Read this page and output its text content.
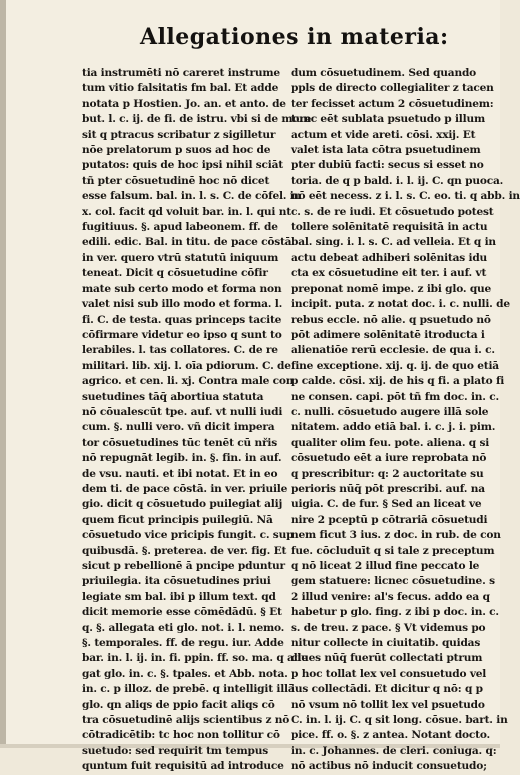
Allegationes in materia:
tia instrumēti nō careret instrume
tum vitio falsitatis fm bal. Et adde
notata p Hostien. Jo. an. et anto. de
but. l. c. ij. de fi. de istru. vbi si de more
sit q ptracus scribatur z sigilletur
nōe prelatorum p suos ad hoc de
putatos: quis de hoc ipsi nihil sciāt
tñ pter cōsuetudinē hoc nō dicet
esse falsum. bal. in. l. s. C. de cōfel. in
x. col. facit qd voluit bar. in. l. qui nt
fugitiuus. §. apud labeonem. ff. de
edili. edic. Bal. in titu. de pace cōstā.
in ver. quero vtrū statutū iniquum
teneat. Dicit q cōsuetudine cōfir
mate sub certo modo et forma non
valet nisi sub illo modo et forma. l.
fi. C. de testa. quas princeps tacite
cōfirmare videtur eo ipso q sunt to
lerabiles. l. tas collatores. C. de re
militari. lib. xij. l. oīa pdiorum. C. de
agrico. et cen. li. xj. Contra male con
suetudines tāq̄ abortiua statuta
nō cōualescūt tpe. auf. vt nulli iudi
cum. §. nulli vero. vñ dicit impera
tor cōsuetudines tūc tenēt cū nřis
nō repugnāt legib. in. §. fin. in auf.
de vsu. nauti. et ibi notat. Et in eo
dem ti. de pace cōstā. in ver. priuile
gio. dicit q cōsuetudo puilegiat alij
quem ficut principis puilegiū. Nā
cōsuetudo vice pricipis fungit. c. sup
quibusdā. §. preterea. de ver. fig. Et
sicut p rebellionē ā pncipe pduntur
priuilegia. ita cōsuetudines priui
legiate sm bal. ibi p illum text. qd
dicit memorie esse cōmēdādū. § Et
q. §. allegata eti glo. not. i. l. nemo.
§. temporales. ff. de regu. iur. Adde
bar. in. l. ij. in. fi. ppin. ff. so. ma. q alle
gat glo. in. c. §. tpales. et Abb. nota.
in. c. p illoz. de prebē. q intelligit illā
glo. qn aliqs de ppio facit aliqs cō
tra cōsuetudinē alijs scientibus z nō
cōtradicētib: tc hoc non tollitur cō
suetudo: sed requirit tm tempus
quntum fuit requisitū ad introduce
dum cōsuetudinem. Sed quando
ppls de directo collegialiter z tacen
ter fecisset actum 2 cōsuetudinem:
tunc eēt sublata psuetudo p illum
actum et vide areti. cōsi. xxij. Et
valet ista lata cōtra psuetudinem
pter dubiū facti: secus si esset no
toria. de q p bald. i. l. ij. C. qn puoca.
nō eēt necess. z i. l. s. C. eo. ti. q abb. in
c. s. de re iudi. Et cōsuetudo potest
tollere solēnitatē requisitā in actu
bal. sing. i. l. s. C. ad velleia. Et q in
actu debeat adhiberi solēnitas idu
cta ex cōsuetudine eit ter. i auf. vt
preponat nomē impe. z ibi glo. que
incipit. puta. z notat doc. i. c. nulli. de
rebus eccle. nō alie. q psuetudo nō
pōt adimere solēnitatē itroducta i
alienatiōe rerū ecclesie. de qua i. c.
fine exceptione. xij. q. ij. de quo etiā
p calde. cōsi. xij. de his q fi. a plato fi
ne consen. capi. pōt tñ fm doc. in. c.
c. nulli. cōsuetudo augere illā sole
nitatem. addo etiā bal. i. c. j. i. pim.
qualiter olim feu. pote. aliena. q si
cōsuetudo eēt a iure reprobata nō
q prescribitur: q: 2 auctoritate su
perioris nūq̄ pōt prescribi. auf. na
uigia. C. de fur. § Sed an liceat ve
nire 2 pceptū p cōtrariā cōsuetudi
nem ficut 3 ius. z doc. in rub. de con
fue. cōcluduīt q si tale z preceptum
q nō liceat 2 illud fine peccato le
gem statuere: licnec cōsuetudine. s
2 illud venire: al's fecus. addo ea q
habetur p glo. fing. z ibi p doc. in. c.
s. de treu. z pace. § Vt videmus po
nitur collecte in ciuitatib. quidas
ciues nūq̄ fuerūt collectati ptrum
p hoc tollat lex vel consuetudo vel
ius collectādi. Et dicitur q nō: q p
nō vsum nō tollit lex vel psuetudo
C. in. l. ij. C. q sit long. cōsue. bart. in
pice. ff. o. §. z antea. Notant docto.
in. c. Johannes. de cleri. coniuga. q:
nō actibus nō inducit consuetudo;
